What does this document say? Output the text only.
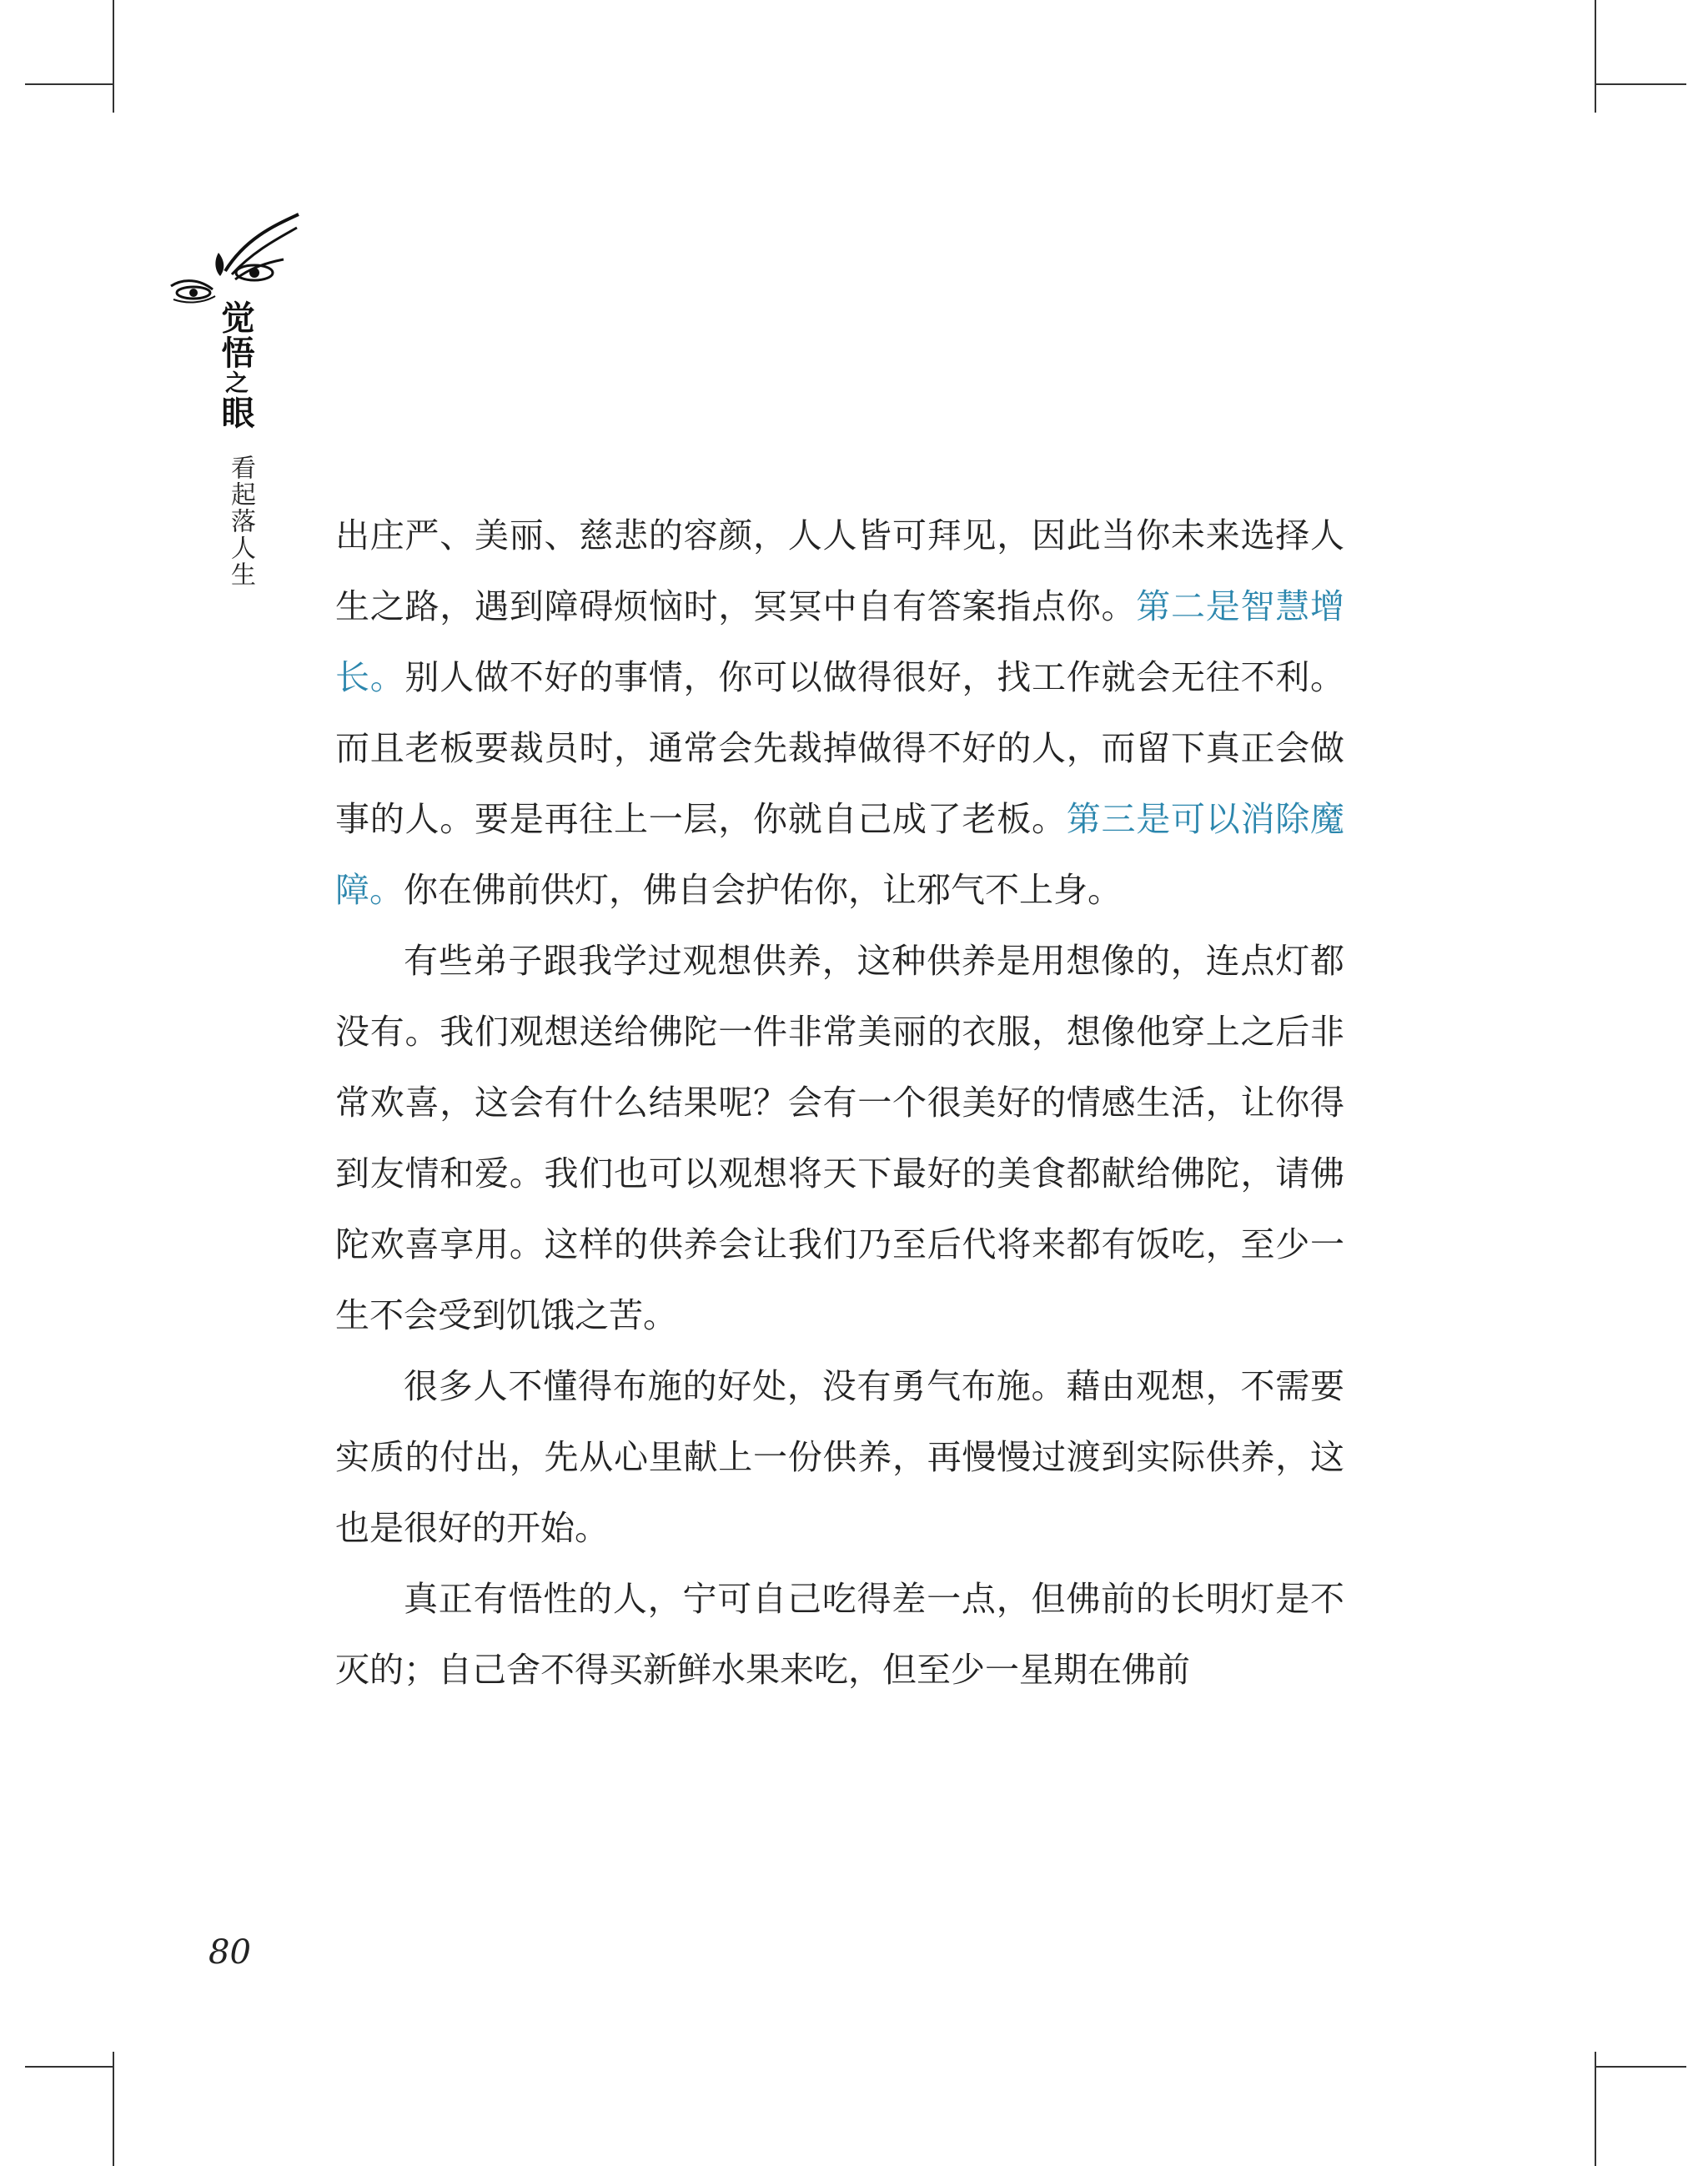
觉悟之眼
看起落人生 出庄严、美丽、慈悲的容颜，人人皆可拜见，因此当你未来选择人生之路，遇到障碍烦恼时，冥冥中自有答案指点你。第二是智慧增长。别人做不好的事情，你可以做得很好，找工作就会无往不利。而且老板要裁员时，通常会先裁掉做得不好的人，而留下真正会做事的人。要是再往上一层，你就自己成了老板。第三是可以消除魔障。你在佛前供灯，佛自会护佑你，让邪气不上身。

有些弟子跟我学过观想供养，这种供养是用想像的，连点灯都没有。我们观想送给佛陀一件非常美丽的衣服，想像他穿上之后非常欢喜，这会有什么结果呢？会有一个很美好的情感生活，让你得到友情和爱。我们也可以观想将天下最好的美食都献给佛陀，请佛陀欢喜享用。这样的供养会让我们乃至后代将来都有饭吃，至少一生不会受到饥饿之苦。

很多人不懂得布施的好处，没有勇气布施。藉由观想，不需要实质的付出，先从心里献上一份供养，再慢慢过渡到实际供养，这也是很好的开始。

真正有悟性的人，宁可自己吃得差一点，但佛前的长明灯是不灭的；自己舍不得买新鲜水果来吃，但至少一星期在佛前

80
